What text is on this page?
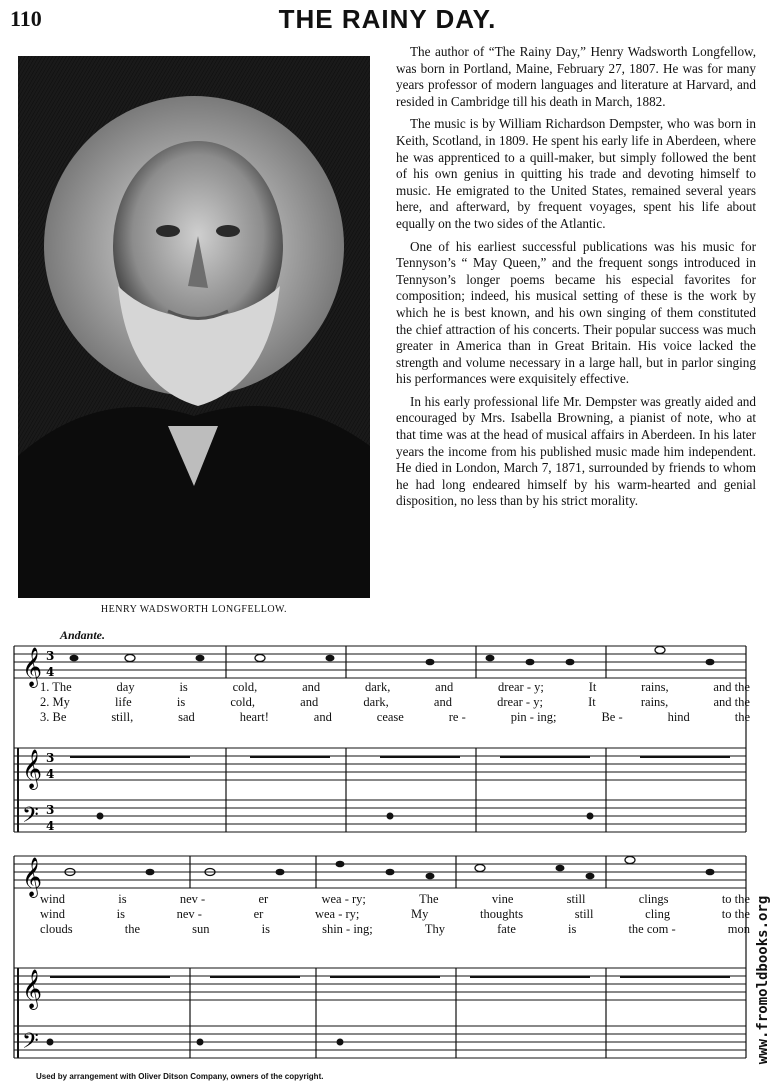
110	THE RAINY DAY.
HENRY WADSWORTH LONGFELLOW.

The author of “The Rainy Day,” Henry Wadsworth Longfellow, was born in Portland, Maine, February 27, 1807. He was for many years professor of modern languages and literature at Harvard, and resided in Cambridge till his death in March, 1882.

The music is by William Richardson Dempster, who was born in Keith, Scotland, in 1809. He spent his early life in Aberdeen, where he was apprenticed to a quill-maker, but simply followed the bent of his own genius in quitting his trade and devoting himself to music. He emigrated to the United States, remained several years here, and afterward, by frequent voyages, spent his life about equally on the two sides of the Atlantic.

One of his earliest successful publications was his music for Tennyson’s “ May Queen,” and the frequent songs introduced in Tennyson’s longer poems became his especial favorites for composition; indeed, his musical setting of these is the work by which he is best known, and his own singing of them constituted the chief attraction of his concerts. Their popular success was much greater in America than in Great Britain. His voice lacked the strength and volume necessary in a large hall, but in parlor singing his performances were exquisitely effective.

In his early professional life Mr. Dempster was greatly aided and encouraged by Mrs. Isabella Browning, a pianist of note, who at that time was at the head of musical affairs in Aberdeen. In his later years the income from his published music made him independent. He died in London, March 7, 1871, surrounded by friends to whom he had long endeared himself by his warm-hearted and genial disposition, no less than by his strict morality.

Andante.
𝄞
𝄞
𝄢
3
4
3
4
3
4
1. The	day	is	cold,	and	dark,	and	drear - y;	It	rains,	and the
2. My	life	is	cold,	and	dark,	and	drear - y;	It	rains,	and the
3. Be	still,	sad	heart!	and	cease	re -	pin - ing;	Be -	hind	the
𝄞
𝄞
𝄢
wind	is	nev -	er	wea - ry;	The	vine	still	clings	to the
wind	is	nev -	er	wea - ry;	My	thoughts	still	cling	to the
clouds	the	sun	is	shin - ing;	Thy	fate	is	the com -	mon
Used by arrangement with Oliver Ditson Company, owners of the copyright.
www.fromoldbooks.org
